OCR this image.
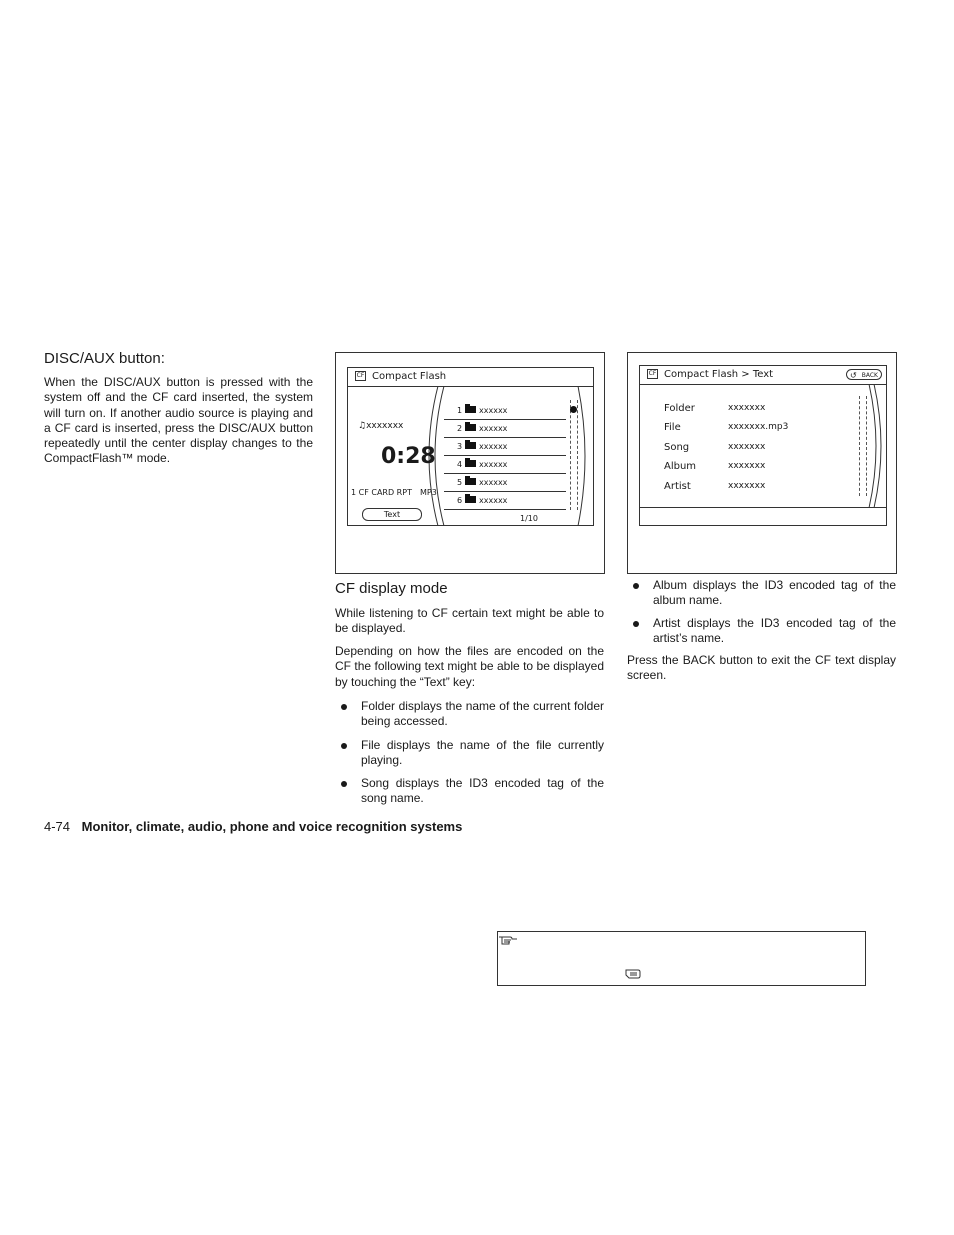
DISC/AUX button:

When the DISC/AUX button is pressed with the system off and the CF card inserted, the system will turn on. If another audio source is playing and a CF card is inserted, press the DISC/AUX button repeatedly until the center display changes to the CompactFlash™ mode.

CF Compact Flash
♫xxxxxxx
0:28
1 CF CARD RPT MP3
Text
1 xxxxxx
2 xxxxxx
3 xxxxxx
4 xxxxxx
5 xxxxxx
6 xxxxxx
1/10
CF Compact Flash > Text	↺ BACK
Folder	xxxxxxx
File	xxxxxxx.mp3
Song	xxxxxxx
Album	xxxxxxx
Artist	xxxxxxx
CF display mode

While listening to CF certain text might be able to be displayed.

Depending on how the files are encoded on the CF the following text might be able to be displayed by touching the “Text” key:

Folder displays the name of the current folder being accessed.
File displays the name of the file currently playing.
Song displays the ID3 encoded tag of the song name.
Album displays the ID3 encoded tag of the album name.
Artist displays the ID3 encoded tag of the artist’s name.

Press the BACK button to exit the CF text display screen.

4-74 Monitor, climate, audio, phone and voice recognition systems
